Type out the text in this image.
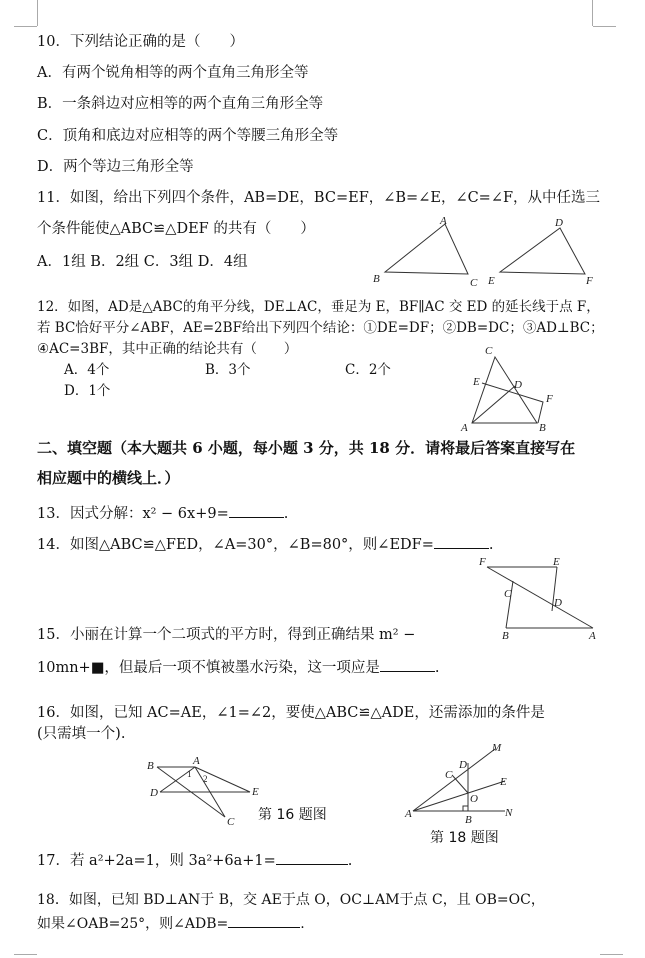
10．下列结论正确的是（　　）
A．有两个锐角相等的两个直角三角形全等
B．一条斜边对应相等的两个直角三角形全等
C．顶角和底边对应相等的两个等腰三角形全等
D．两个等边三角形全等
11．如图，给出下列四个条件，AB=DE，BC=EF，∠B=∠E，∠C=∠F，从中任选三
个条件能使△ABC≌△DEF 的共有（　　）
A．1组 B．2组 C．3组 D．4组
B
A
C E
D
F
12．如图，AD是△ABC的角平分线，DE⊥AC，垂足为 E，BF∥AC 交 ED 的延长线于点 F，
若 BC恰好平分∠ABF，AE=2BF给出下列四个结论：①DE=DF；②DB=DC；③AD⊥BC；
④AC=3BF，其中正确的结论共有（　　）
A．4个	B．3个	C．2个
D．1个
C
E	D
F
A	B
二、填空题（本大题共 6 小题，每小题 3 分，共 18 分．请将最后答案直接写在
相应题中的横线上．）
13．因式分解：x² − 6x+9=	.
14．如图△ABC≌△FED，∠A=30°，∠B=80°，则∠EDF=	.
F	E
C
D
B	A
15．小丽在计算一个二项式的平方时，得到正确结果 m² −
10mn+■，但最后一项不慎被墨水污染，这一项应是	.
16．如图，已知 AC=AE，∠1=∠2，要使△ABC≌△ADE，还需添加的条件是
(只需填一个).
B	A
1 2
D	E
C 第 16 题图
M
D
C
E
O
A	B
N
第 18 题图
17．若 a²+2a=1，则 3a²+6a+1=	.
18．如图，已知 BD⊥AN于 B，交 AE于点 O，OC⊥AM于点 C，且 OB=OC，
如果∠OAB=25°，则∠ADB=	.
